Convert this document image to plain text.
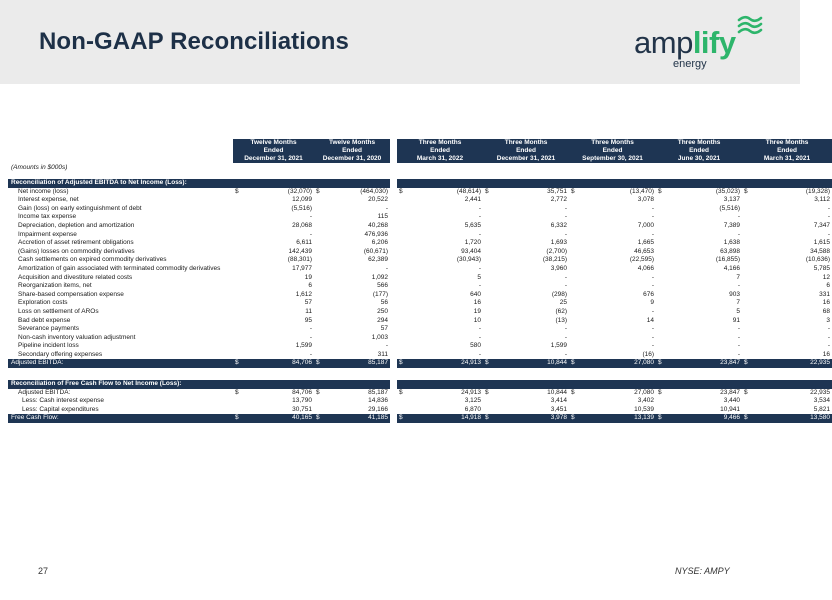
Non-GAAP Reconciliations	amplify
energy
	Twelve Months		Twelve Months			Three Months		Three Months		Three Months		Three Months		Three Months	
	Ended		Ended			Ended		Ended		Ended		Ended		Ended	
	December 31, 2021		December 31, 2020			March 31, 2022		December 31, 2021		September 30, 2021		June 30, 2021		March 31, 2021	
(Amounts in $000s)															

Reconciliation of Adjusted EBITDA to Net Income (Loss):															
Net income (loss)	$	(32,070)	$	(464,030)		$	(48,614)	$	35,751	$	(13,470)	$	(35,023)	$	(19,328)
Interest expense, net		12,099		20,522			2,441		2,772		3,078		3,137		3,112
Gain (loss) on early extinguishment of debt		(5,516)		-			-		-		-		(5,516)		-
Income tax expense		-		115			-		-		-		-		-
Depreciation, depletion and amortization		28,068		40,268			5,635		6,332		7,000		7,389		7,347
Impairment expense		-		476,936			-		-		-		-		-
Accretion of asset retirement obligations		6,611		6,206			1,720		1,693		1,665		1,638		1,615
(Gains) losses on commodity derivatives		142,439		(60,671)			93,404		(2,700)		46,653		63,898		34,588
Cash settlements on expired commodity derivatives		(88,301)		62,389			(30,943)		(38,215)		(22,595)		(16,855)		(10,636)
Amortization of gain associated with terminated commodity derivatives		17,977		-			-		3,960		4,066		4,166		5,785
Acquisition and divestiture related costs		19		1,092			5		-		-		7		12
Reorganization items, net		6		566			-		-		-		-		6
Share-based compensation expense		1,612		(177)			640		(298)		676		903		331
Exploration costs		57		56			16		25		9		7		16
Loss on settlement of AROs		11		250			19		(62)		-		5		68
Bad debt expense		95		294			10		(13)		14		91		3
Severance payments		-		57			-		-		-		-		-
Non-cash inventory valuation adjustment		-		1,003			-		-		-		-		-
Pipeline incident loss		1,599		-			580		1,599		-		-		-
Secondary offering expenses		-		311			-		-		(16)		-		16
Adjusted EBITDA:	$	84,706	$	85,187		$	24,913	$	10,844	$	27,080	$	23,847	$	22,935

Reconciliation of Free Cash Flow to Net Income (Loss):															
Adjusted EBITDA:	$	84,706	$	85,187		$	24,913	$	10,844	$	27,080	$	23,847	$	22,935
Less: Cash interest expense		13,790		14,836			3,125		3,414		3,402		3,440		3,534
Less: Capital expenditures		30,751		29,166			6,870		3,451		10,539		10,941		5,821
Free Cash Flow:	$	40,165	$	41,185		$	14,918	$	3,978	$	13,139	$	9,466	$	13,580
27	NYSE: AMPY
